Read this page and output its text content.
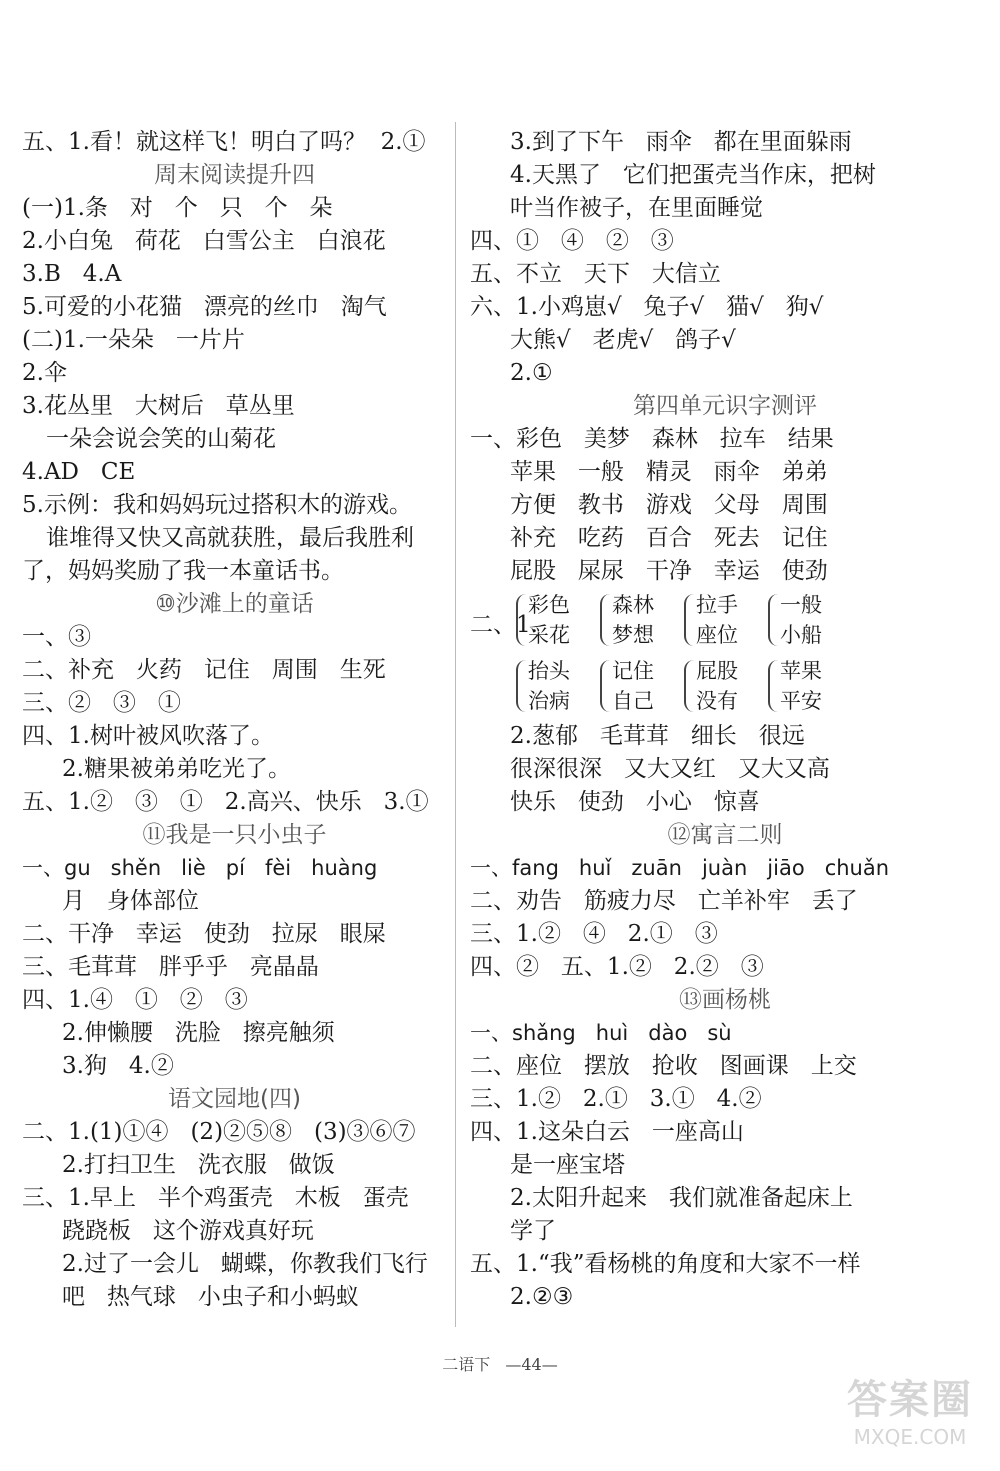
五、1.看！就这样飞！明白了吗？  2.①
周末阅读提升四
(一)1.条   对   个   只   个   朵
2.小白兔   荷花   白雪公主   白浪花
3.B   4.A
5.可爱的小花猫   漂亮的丝巾   淘气
(二)1.一朵朵   一片片
2.伞
3.花丛里   大树后   草丛里
一朵会说会笑的山菊花
4.AD   CE
5.示例：我和妈妈玩过搭积木的游戏。
谁堆得又快又高就获胜，最后我胜利
了，妈妈奖励了我一本童话书。
⑩沙滩上的童话
一、③
二、补充   火药   记住   周围   生死
三、②   ③   ①
四、1.树叶被风吹落了。
2.糖果被弟弟吃光了。
五、1.②   ③   ①   2.高兴、快乐   3.①
⑪我是一只小虫子
一、gu   shěn   liè   pí   fèi   huàng
月   身体部位
二、干净   幸运   使劲   拉尿   眼屎
三、毛茸茸   胖乎乎   亮晶晶
四、1.④   ①   ②   ③
2.伸懒腰   洗脸   擦亮触须
3.狗   4.②
语文园地(四)
二、1.(1)①④   (2)②⑤⑧   (3)③⑥⑦
2.打扫卫生   洗衣服   做饭
三、1.早上   半个鸡蛋壳   木板   蛋壳
跷跷板   这个游戏真好玩
2.过了一会儿   蝴蝶，你教我们飞行
吧   热气球   小虫子和小蚂蚁
3.到了下午   雨伞   都在里面躲雨
4.天黑了   它们把蛋壳当作床，把树
叶当作被子，在里面睡觉
四、①   ④   ②   ③
五、不立   天下   大信立
六、1.小鸡崽√   兔子√   猫√   狗√
大熊√   老虎√   鸽子√
2.①
第四单元识字测评
一、彩色   美梦   森林   拉车   结果
苹果   一般   精灵   雨伞   弟弟
方便   教书   游戏   父母   周围
补充   吃药   百合   死去   记住
屁股   屎尿   干净   幸运   使劲
二、1.
彩色
采花
森林
梦想
拉手
座位
一般
小船
抬头
治病
记住
自己
屁股
没有
苹果
平安
2.葱郁   毛茸茸   细长   很远
很深很深   又大又红   又大又高
快乐   使劲   小心   惊喜
⑫寓言二则
一、fang   huǐ   zuān   juàn   jiāo   chuǎn
二、劝告   筋疲力尽   亡羊补牢   丢了
三、1.②   ④   2.①   ③
四、②   五、1.②   2.②   ③
⑬画杨桃
一、shǎng   huì   dào   sù
二、座位   摆放   抢收   图画课   上交
三、1.②   2.①   3.①   4.②
四、1.这朵白云   一座高山
是一座宝塔
2.太阳升起来   我们就准备起床上
学了
五、1.“我”看杨桃的角度和大家不一样
2.②③
二语下 —44—
答案圈
MXQE.COM
